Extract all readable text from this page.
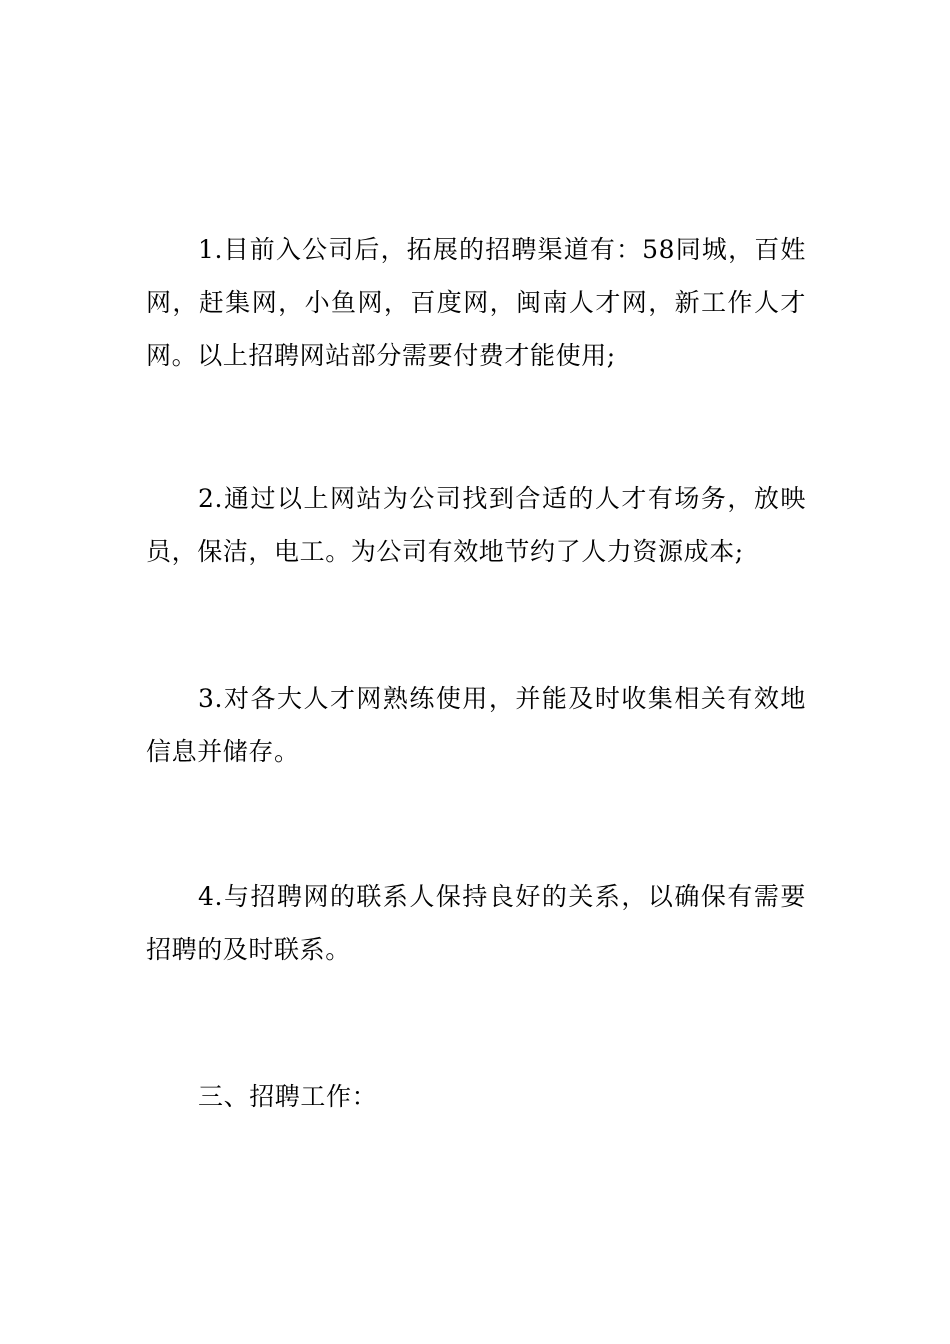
1.目前入公司后，拓展的招聘渠道有：58同城，百姓网，赶集网，小鱼网，百度网，闽南人才网，新工作人才网。以上招聘网站部分需要付费才能使用;

2.通过以上网站为公司找到合适的人才有场务，放映员，保洁，电工。为公司有效地节约了人力资源成本;

3.对各大人才网熟练使用，并能及时收集相关有效地信息并储存。

4.与招聘网的联系人保持良好的关系，以确保有需要招聘的及时联系。

三、招聘工作：
